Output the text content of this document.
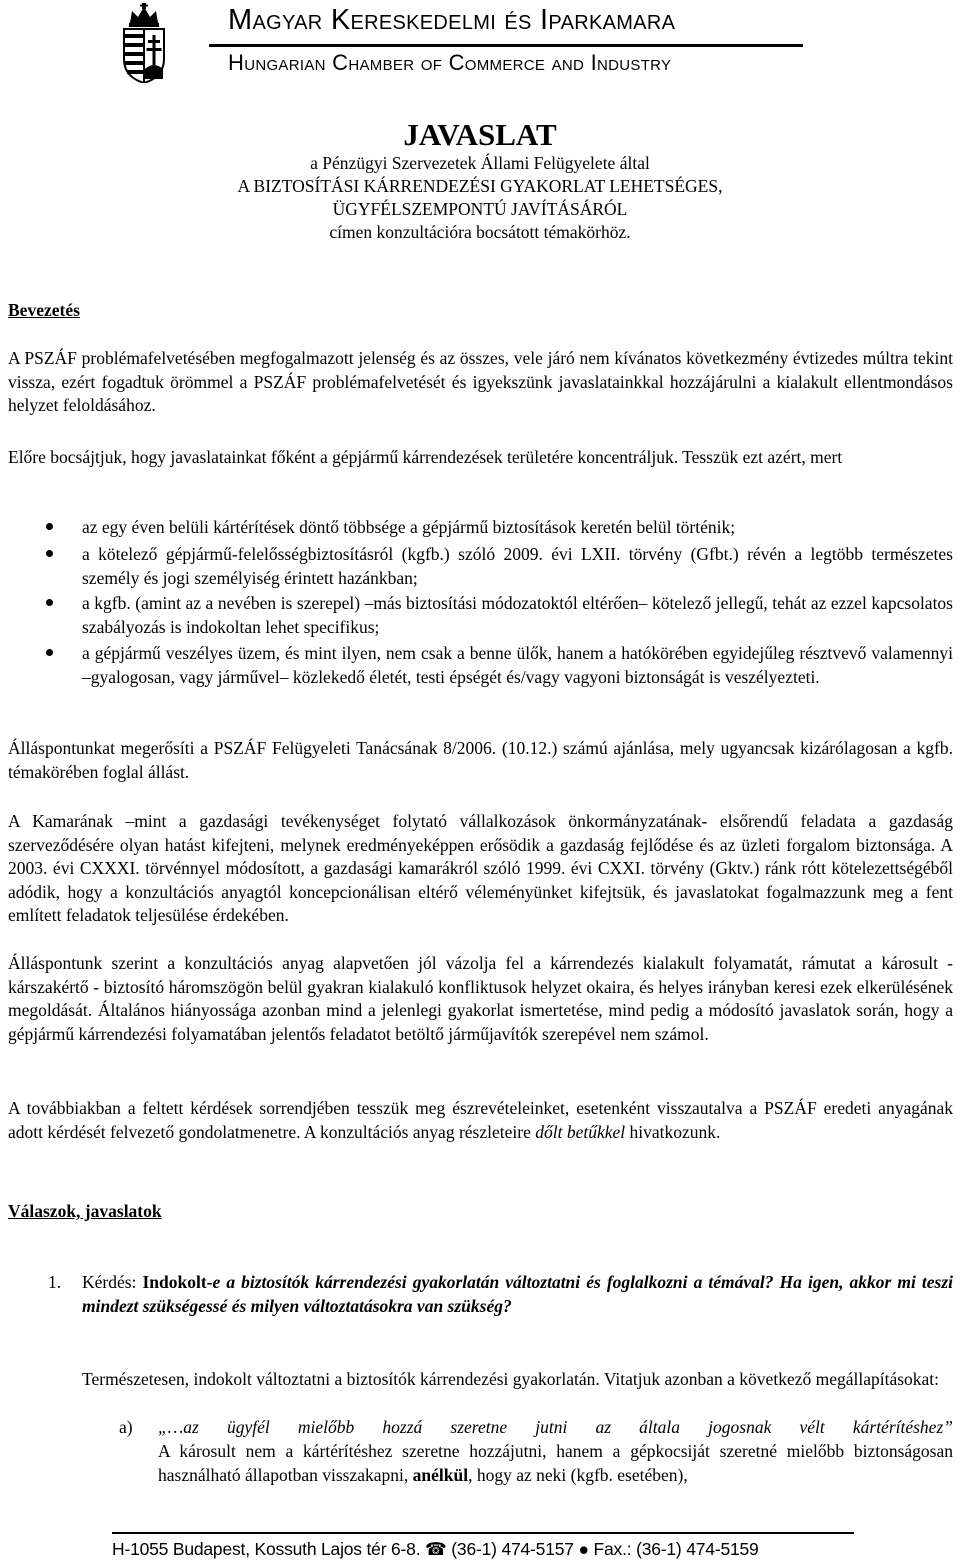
Magyar Kereskedelmi és Iparkamara
Hungarian Chamber of Commerce and Industry
JAVASLAT
a Pénzügyi Szervezetek Állami Felügyelete által
A BIZTOSÍTÁSI KÁRRENDEZÉSI GYAKORLAT LEHETSÉGES,
ÜGYFÉLSZEMPONTÚ JAVÍTÁSÁRÓL
címen konzultációra bocsátott témakörhöz.
Bevezetés
A PSZÁF problémafelvetésében megfogalmazott jelenség és az összes, vele járó nem kívánatos következmény évtizedes múltra tekint vissza, ezért fogadtuk örömmel a PSZÁF problémafelvetését és igyekszünk javaslatainkkal hozzájárulni a kialakult ellentmondásos helyzet feloldásához.
Előre bocsájtjuk, hogy javaslatainkat főként a gépjármű kárrendezések területére koncentráljuk. Tesszük ezt azért, mert
az egy éven belüli kártérítések döntő többsége a gépjármű biztosítások keretén belül történik;
a kötelező gépjármű-felelősségbiztosításról (kgfb.) szóló 2009. évi LXII. törvény (Gfbt.) révén a legtöbb természetes személy és jogi személyiség érintett hazánkban;
a kgfb. (amint az a nevében is szerepel) –más biztosítási módozatoktól eltérően– kötelező jellegű, tehát az ezzel kapcsolatos szabályozás is indokoltan lehet specifikus;
a gépjármű veszélyes üzem, és mint ilyen, nem csak a benne ülők, hanem a hatókörében egyidejűleg résztvevő valamennyi –gyalogosan, vagy járművel– közlekedő életét, testi épségét és/vagy vagyoni biztonságát is veszélyezteti.
Álláspontunkat megerősíti a PSZÁF Felügyeleti Tanácsának 8/2006. (10.12.) számú ajánlása, mely ugyancsak kizárólagosan a kgfb. témakörében foglal állást.
A Kamarának –mint a gazdasági tevékenységet folytató vállalkozások önkormányzatának- elsőrendű feladata a gazdaság szerveződésére olyan hatást kifejteni, melynek eredményeképpen erősödik a gazdaság fejlődése és az üzleti forgalom biztonsága. A 2003. évi CXXXI. törvénnyel módosított, a gazdasági kamarákról szóló 1999. évi CXXI. törvény (Gktv.) ránk rótt kötelezettségéből adódik, hogy a konzultációs anyagtól koncepcionálisan eltérő véleményünket kifejtsük, és javaslatokat fogalmazzunk meg a fent említett feladatok teljesülése érdekében.
Álláspontunk szerint a konzultációs anyag alapvetően jól vázolja fel a kárrendezés kialakult folyamatát, rámutat a károsult - kárszakértő - biztosító háromszögön belül gyakran kialakuló konfliktusok helyzet okaira, és helyes irányban keresi ezek elkerülésének megoldását. Általános hiányossága azonban mind a jelenlegi gyakorlat ismertetése, mind pedig a módosító javaslatok során, hogy a gépjármű kárrendezési folyamatában jelentős feladatot betöltő járműjavítók szerepével nem számol.
A továbbiakban a feltett kérdések sorrendjében tesszük meg észrevételeinket, esetenként visszautalva a PSZÁF eredeti anyagának adott kérdését felvezető gondolatmenetre. A konzultációs anyag részleteire dőlt betűkkel hivatkozunk.
Válaszok, javaslatok
1.	Kérdés: Indokolt-e a biztosítók kárrendezési gyakorlatán változtatni és foglalkozni a témával? Ha igen, akkor mi teszi mindezt szükségessé és milyen változtatásokra van szükség?
Természetesen, indokolt változtatni a biztosítók kárrendezési gyakorlatán. Vitatjuk azonban a következő megállapításokat:
a)	„…az ügyfél mielőbb hozzá szeretne jutni az általa jogosnak vélt kártérítéshez”
A károsult nem a kártérítéshez szeretne hozzájutni, hanem a gépkocsiját szeretné mielőbb biztonságosan használható állapotban visszakapni, anélkül, hogy az neki (kgfb. esetében),
H-1055 Budapest, Kossuth Lajos tér 6-8. ☎ (36-1) 474-5157 ● Fax.: (36-1) 474-5159
